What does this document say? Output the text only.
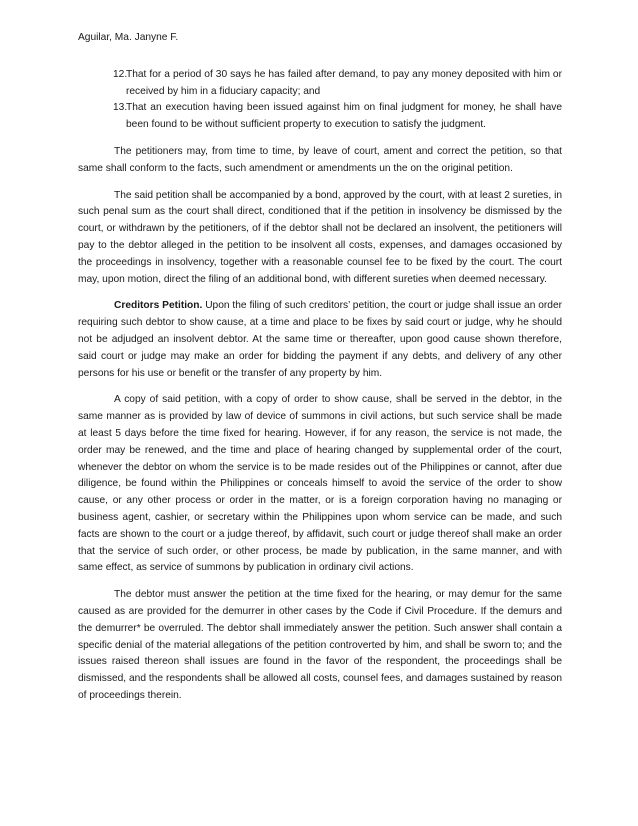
Aguilar, Ma. Janyne F.
12.
That for a period of 30 says he has failed after demand, to pay any money deposited with him or received by him in a fiduciary capacity; and
13.
That an execution having been issued against him on final judgment for money, he shall have been found to be without sufficient property to execution to satisfy the judgment.

The petitioners may, from time to time, by leave of court, ament and correct the petition, so that same shall conform to the facts, such amendment or amendments un the on the original petition.

The said petition shall be accompanied by a bond, approved by the court, with at least 2 sureties, in such penal sum as the court shall direct, conditioned that if the petition in insolvency be dismissed by the court, or withdrawn by the petitioners, of if the debtor shall not be declared an insolvent, the petitioners will pay to the debtor alleged in the petition to be insolvent all costs, expenses, and damages occasioned by the proceedings in insolvency, together with a reasonable counsel fee to be fixed by the court. The court may, upon motion, direct the filing of an additional bond, with different sureties when deemed necessary.

Creditors Petition. Upon the filing of such creditors’ petition, the court or judge shall issue an order requiring such debtor to show cause, at a time and place to be fixes by said court or judge, why he should not be adjudged an insolvent debtor. At the same time or thereafter, upon good cause shown therefore, said court or judge may make an order for bidding the payment if any debts, and delivery of any other persons for his use or benefit or the transfer of any property by him.

A copy of said petition, with a copy of order to show cause, shall be served in the debtor, in the same manner as is provided by law of device of summons in civil actions, but such service shall be made at least 5 days before the time fixed for hearing. However, if for any reason, the service is not made, the order may be renewed, and the time and place of hearing changed by supplemental order of the court, whenever the debtor on whom the service is to be made resides out of the Philippines or cannot, after due diligence, be found within the Philippines or conceals himself to avoid the service of the order to show cause, or any other process or order in the matter, or is a foreign corporation having no managing or business agent, cashier, or secretary within the Philippines upon whom service can be made, and such facts are shown to the court or a judge thereof, by affidavit, such court or judge thereof shall make an order that the service of such order, or other process, be made by publication, in the same manner, and with same effect, as service of summons by publication in ordinary civil actions.

The debtor must answer the petition at the time fixed for the hearing, or may demur for the same caused as are provided for the demurrer in other cases by the Code if Civil Procedure. If the demurs and the demurrer* be overruled. The debtor shall immediately answer the petition. Such answer shall contain a specific denial of the material allegations of the petition controverted by him, and shall be sworn to; and the issues raised thereon shall issues are found in the favor of the respondent, the proceedings shall be dismissed, and the respondents shall be allowed all costs, counsel fees, and damages sustained by reason of proceedings therein.
